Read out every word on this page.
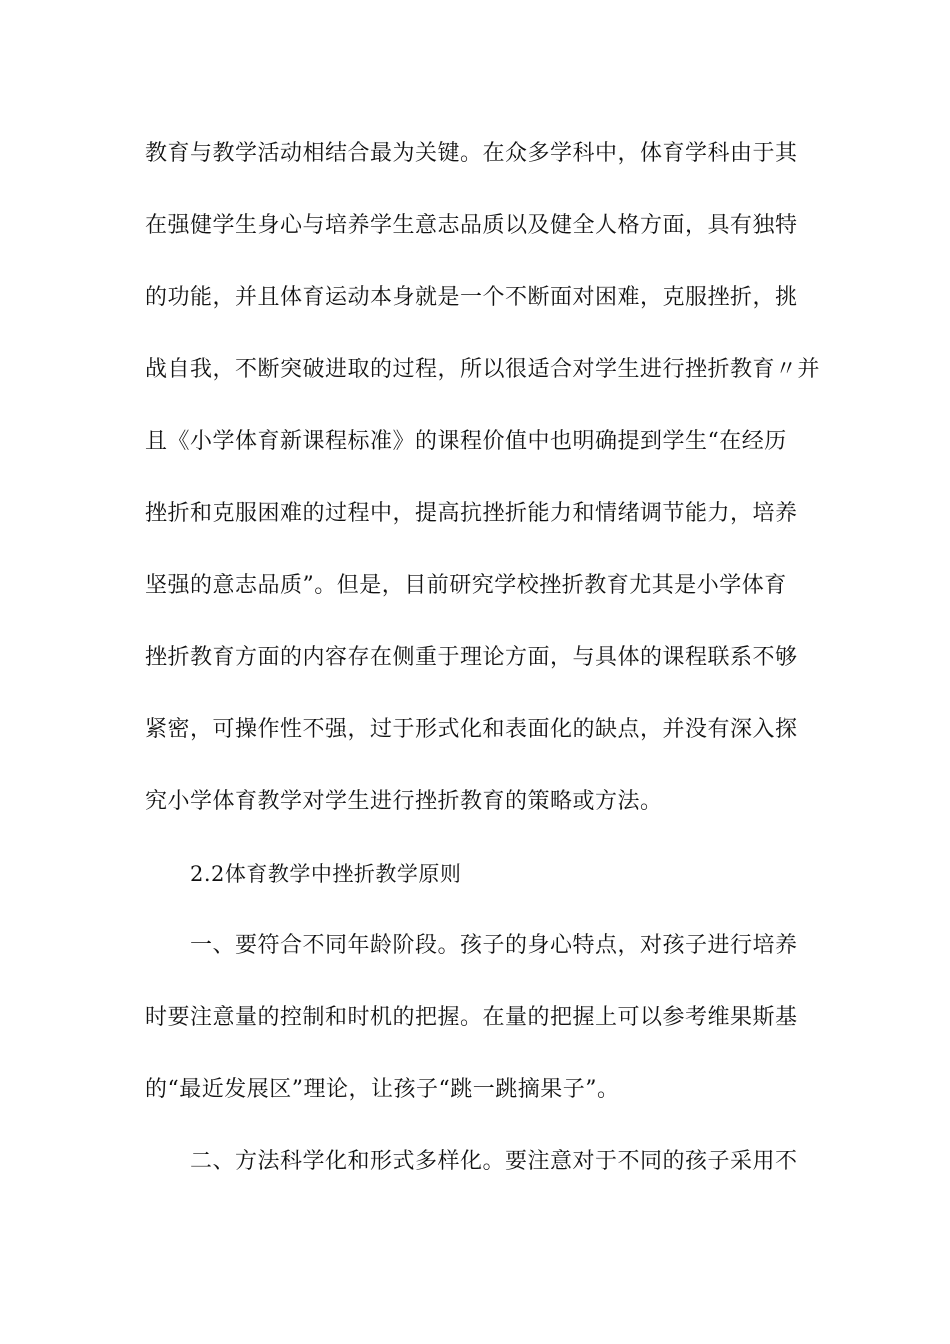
教育与教学活动相结合最为关键。在众多学科中，体育学科由于其
在强健学生身心与培养学生意志品质以及健全人格方面，具有独特
的功能，并且体育运动本身就是一个不断面对困难，克服挫折，挑
战自我，不断突破进取的过程，所以很适合对学生进行挫折教育〃并
且《小学体育新课程标准》的课程价值中也明确提到学生“在经历
挫折和克服困难的过程中，提高抗挫折能力和情绪调节能力，培养
坚强的意志品质”。但是，目前研究学校挫折教育尤其是小学体育
挫折教育方面的内容存在侧重于理论方面，与具体的课程联系不够
紧密，可操作性不强，过于形式化和表面化的缺点，并没有深入探
究小学体育教学对学生进行挫折教育的策略或方法。
2.2体育教学中挫折教学原则
一、要符合不同年龄阶段。孩子的身心特点，对孩子进行培养
时要注意量的控制和时机的把握。在量的把握上可以参考维果斯基
的“最近发展区”理论，让孩子“跳一跳摘果子”。
二、方法科学化和形式多样化。要注意对于不同的孩子采用不
